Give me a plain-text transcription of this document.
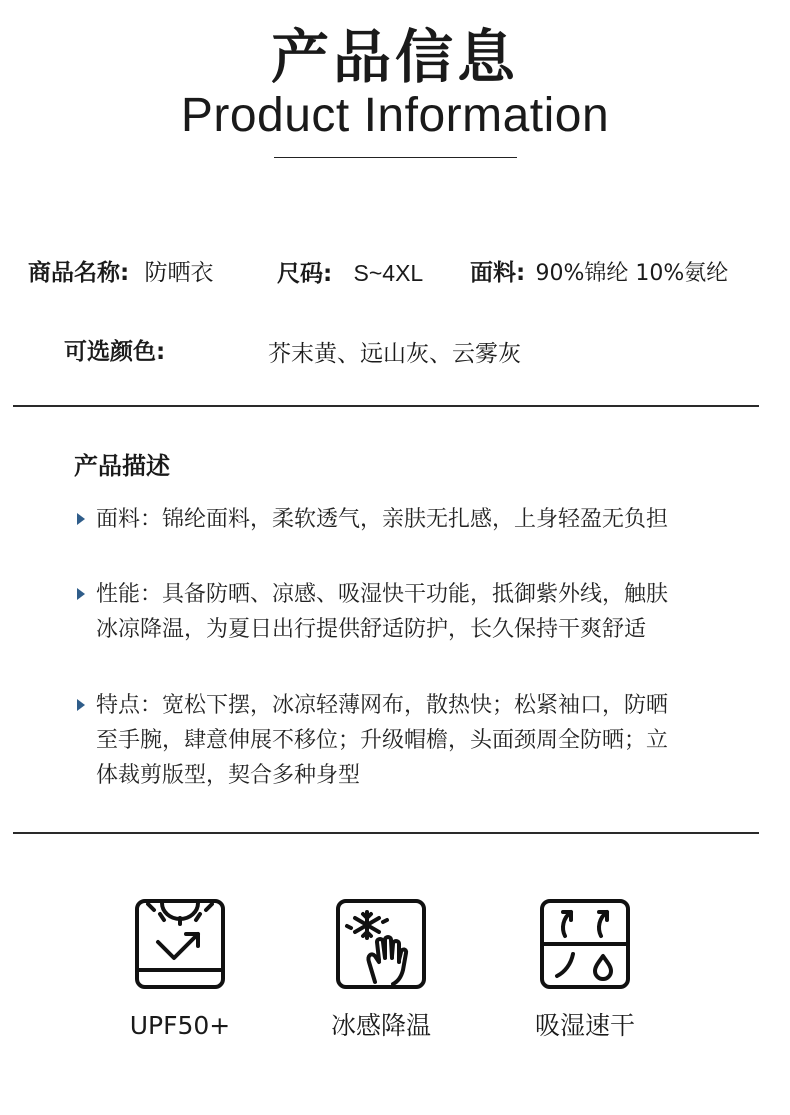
产品信息
Product Information
商品名称: 防晒衣	尺码: S~4XL 面料: 90%锦纶 10%氨纶
可选颜色:	芥末黄、远山灰、云雾灰
产品描述
面料：锦纶面料，柔软透气，亲肤无扎感，上身轻盈无负担
性能：具备防晒、凉感、吸湿快干功能，抵御紫外线，触肤
冰凉降温，为夏日出行提供舒适防护，长久保持干爽舒适
特点：宽松下摆，冰凉轻薄网布，散热快；松紧袖口，防晒
至手腕，肆意伸展不移位；升级帽檐，头面颈周全防晒；立
体裁剪版型，契合多种身型
UPF50+	冰感降温	吸湿速干
